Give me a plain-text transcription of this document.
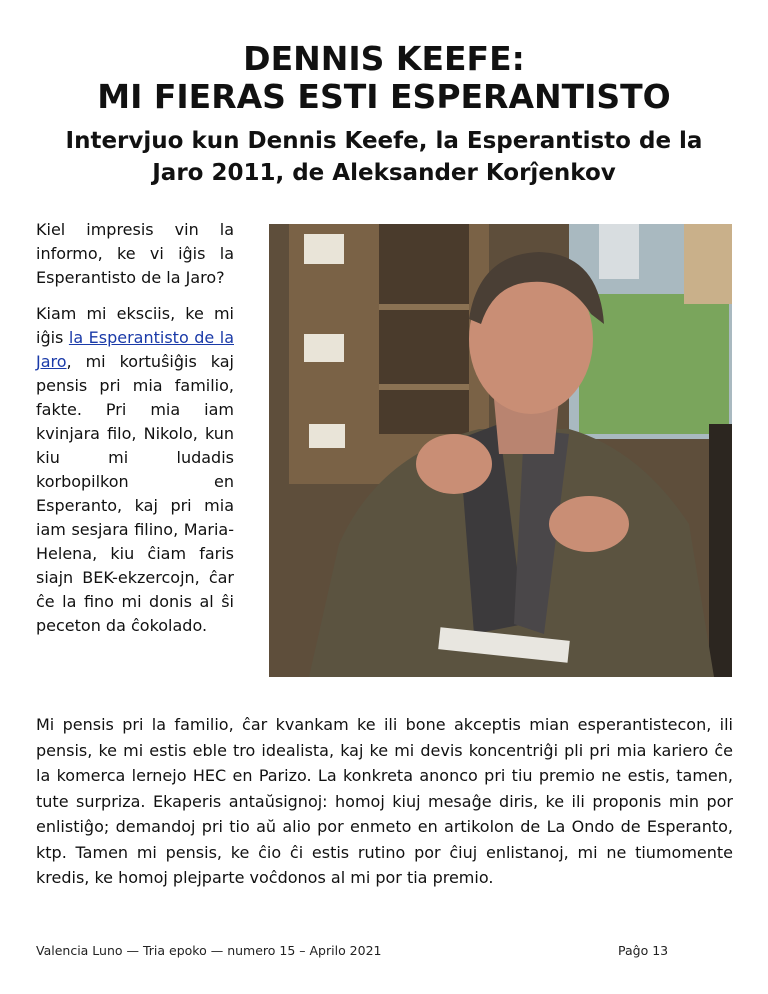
DENNIS KEEFE:
MI FIERAS ESTI ESPERANTISTO
Intervjuo kun Dennis Keefe, la Esperantisto de la
Jaro 2011, de Aleksander Korĵenkov

Kiel impresis vin la informo, ke vi iĝis la Esperantisto de la Jaro?

Kiam mi eksciis, ke mi iĝis la Esperantisto de la Jaro, mi kortuŝiĝis kaj pensis pri mia familio, fakte. Pri mia iam kvinjara filo, Nikolo, kun kiu mi ludadis korbopilkon en Esperanto, kaj pri mia iam sesjara filino, Maria-Helena, kiu ĉiam faris siajn BEK-ekzercojn, ĉar ĉe la fino mi donis al ŝi peceton da ĉokolado.

Mi pensis pri la familio, ĉar kvankam ke ili bone akceptis mian esperantistecon, ili pensis, ke mi estis eble tro idealista, kaj ke mi devis koncentriĝi pli pri mia kariero ĉe la komerca lernejo HEC en Parizo. La konkreta anonco pri tiu premio ne estis, tamen, tute surpriza. Ekaperis antaŭsignoj: homoj kiuj mesaĝe diris, ke ili proponis min por enlistiĝo; demandoj pri tio aŭ alio por enmeto en artikolon de La Ondo de Esperanto, ktp. Tamen mi pensis, ke ĉio ĉi estis rutino por ĉiuj enlistanoj, mi ne tiumomente kredis, ke homoj plejparte voĉdonos al mi por tia premio.

Valencia Luno — Tria epoko — numero 15 – Aprilo 2021	Paĝo 13
